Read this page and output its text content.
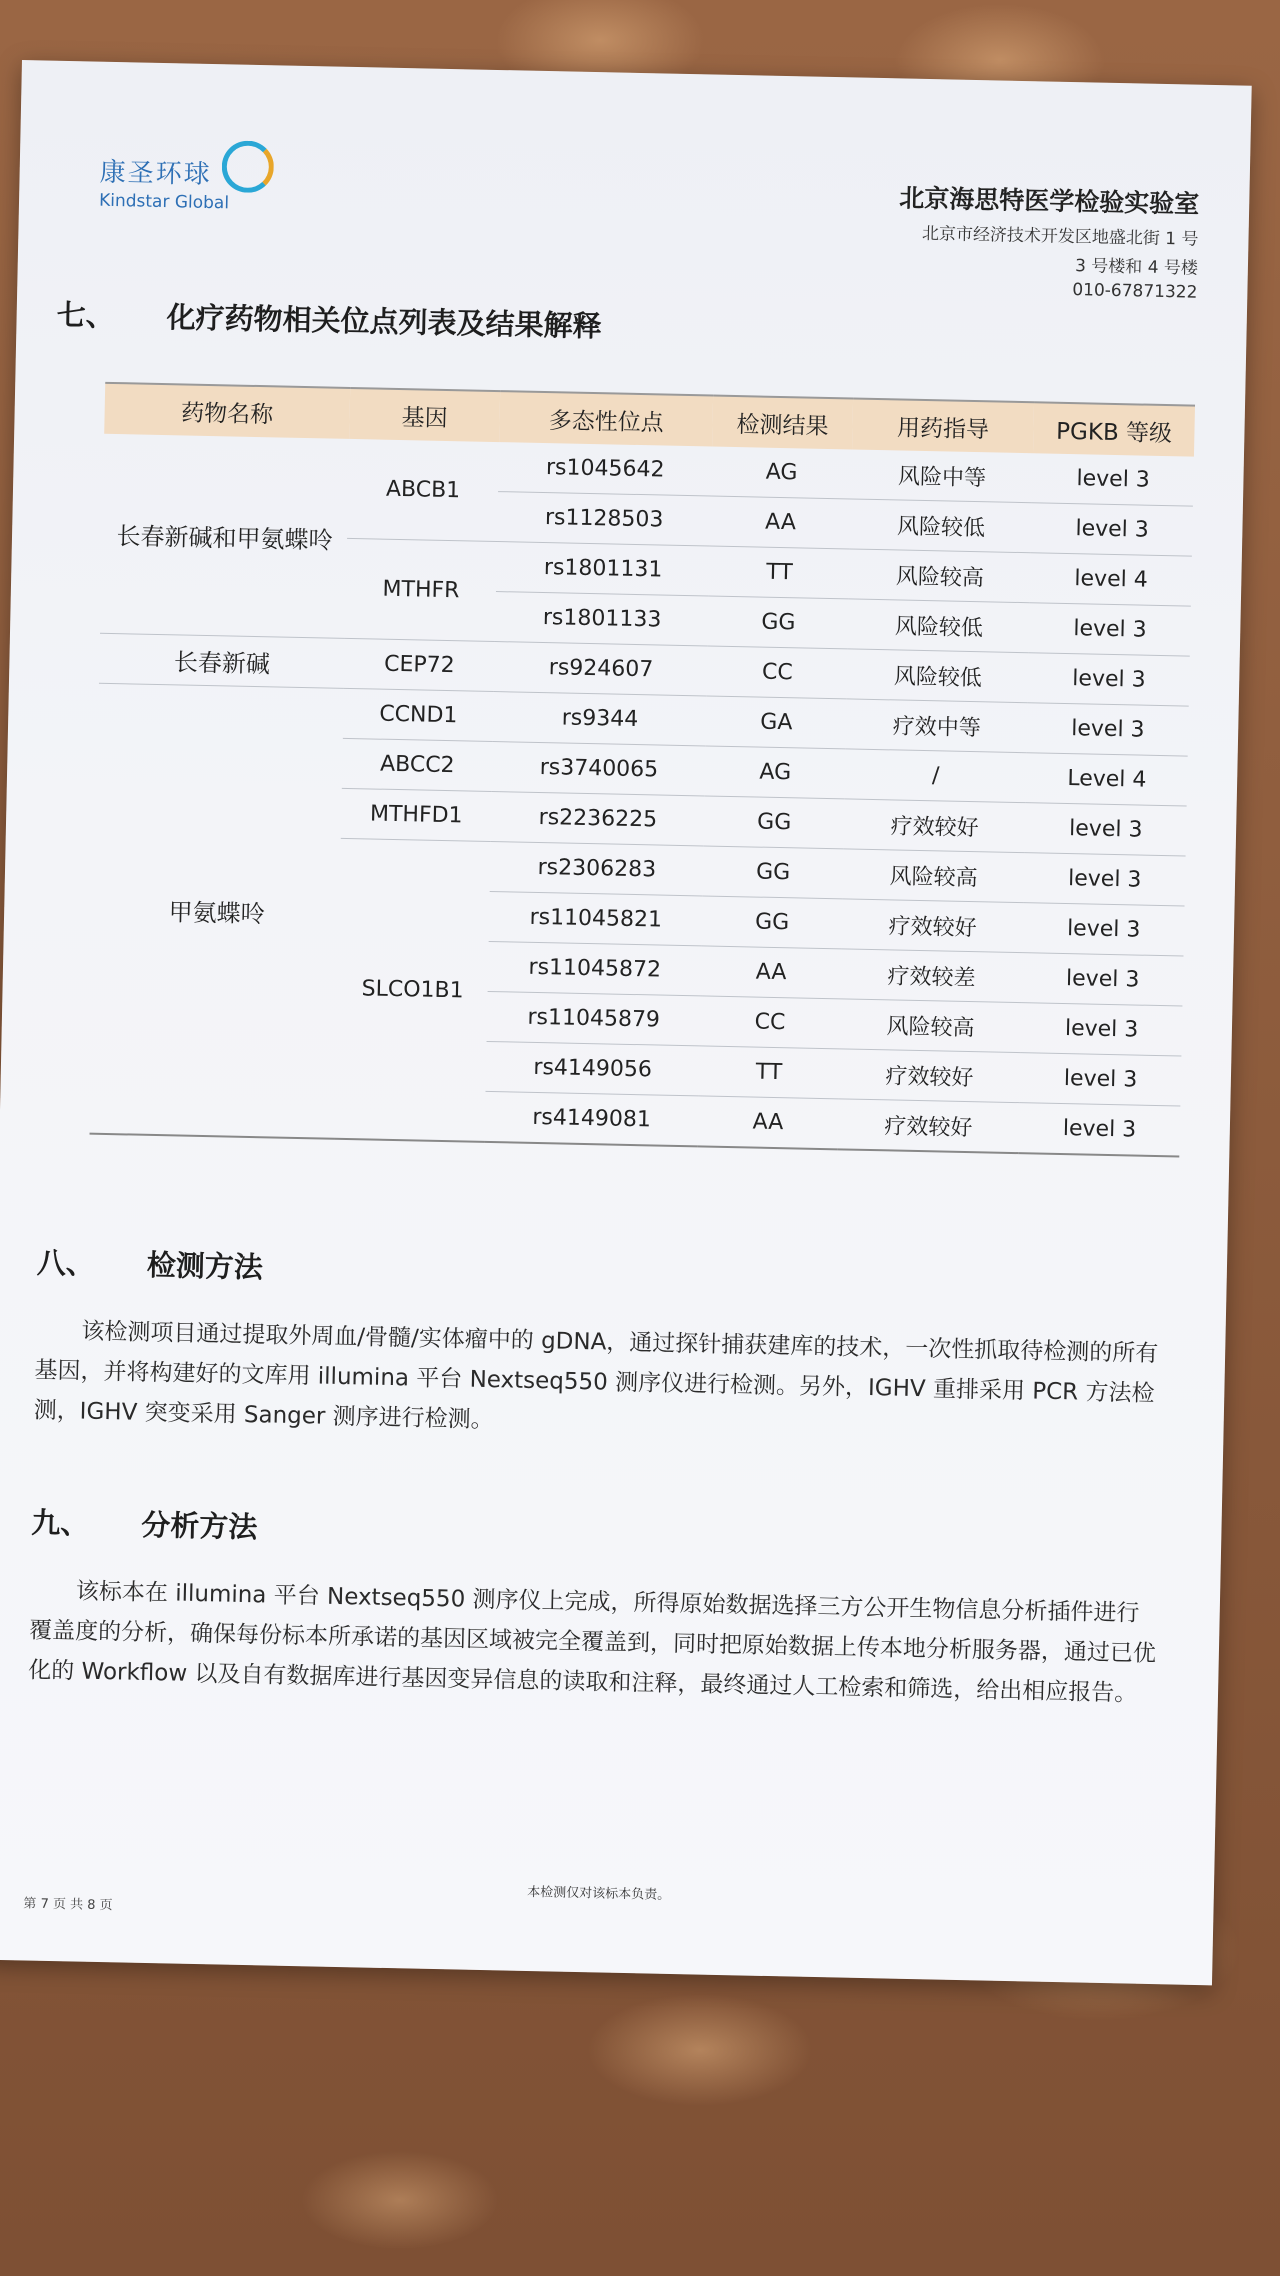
康圣环球
Kindstar Global	北京海思特医学检验实验室
北京市经济技术开发区地盛北街 1 号
3 号楼和 4 号楼
010-67871322
七、 化疗药物相关位点列表及结果解释
药物名称	基因	多态性位点	检测结果	用药指导	PGKB 等级
长春新碱和甲氨蝶呤	ABCB1	rs1045642	AG	风险中等	level 3
		rs1128503	AA	风险较低	level 3
	MTHFR	rs1801131	TT	风险较高	level 4
		rs1801133	GG	风险较低	level 3
长春新碱	CEP72	rs924607	CC	风险较低	level 3
甲氨蝶呤	CCND1	rs9344	GA	疗效中等	level 3
	ABCC2	rs3740065	AG	/	Level 4
	MTHFD1	rs2236225	GG	疗效较好	level 3
	SLCO1B1	rs2306283	GG	风险较高	level 3
		rs11045821	GG	疗效较好	level 3
		rs11045872	AA	疗效较差	level 3
		rs11045879	CC	风险较高	level 3
		rs4149056	TT	疗效较好	level 3
		rs4149081	AA	疗效较好	level 3
八、 检测方法
该检测项目通过提取外周血/骨髓/实体瘤中的 gDNA，通过探针捕获建库的技术，一次性抓取待检测的所有基因，并将构建好的文库用 illumina 平台 Nextseq550 测序仪进行检测。另外，IGHV 重排采用 PCR 方法检测，IGHV 突变采用 Sanger 测序进行检测。
九、 分析方法
该标本在 illumina 平台 Nextseq550 测序仪上完成，所得原始数据选择三方公开生物信息分析插件进行覆盖度的分析，确保每份标本所承诺的基因区域被完全覆盖到，同时把原始数据上传本地分析服务器，通过已优化的 Workflow 以及自有数据库进行基因变异信息的读取和注释，最终通过人工检索和筛选，给出相应报告。
本检测仅对该标本负责。
第 7 页 共 8 页
